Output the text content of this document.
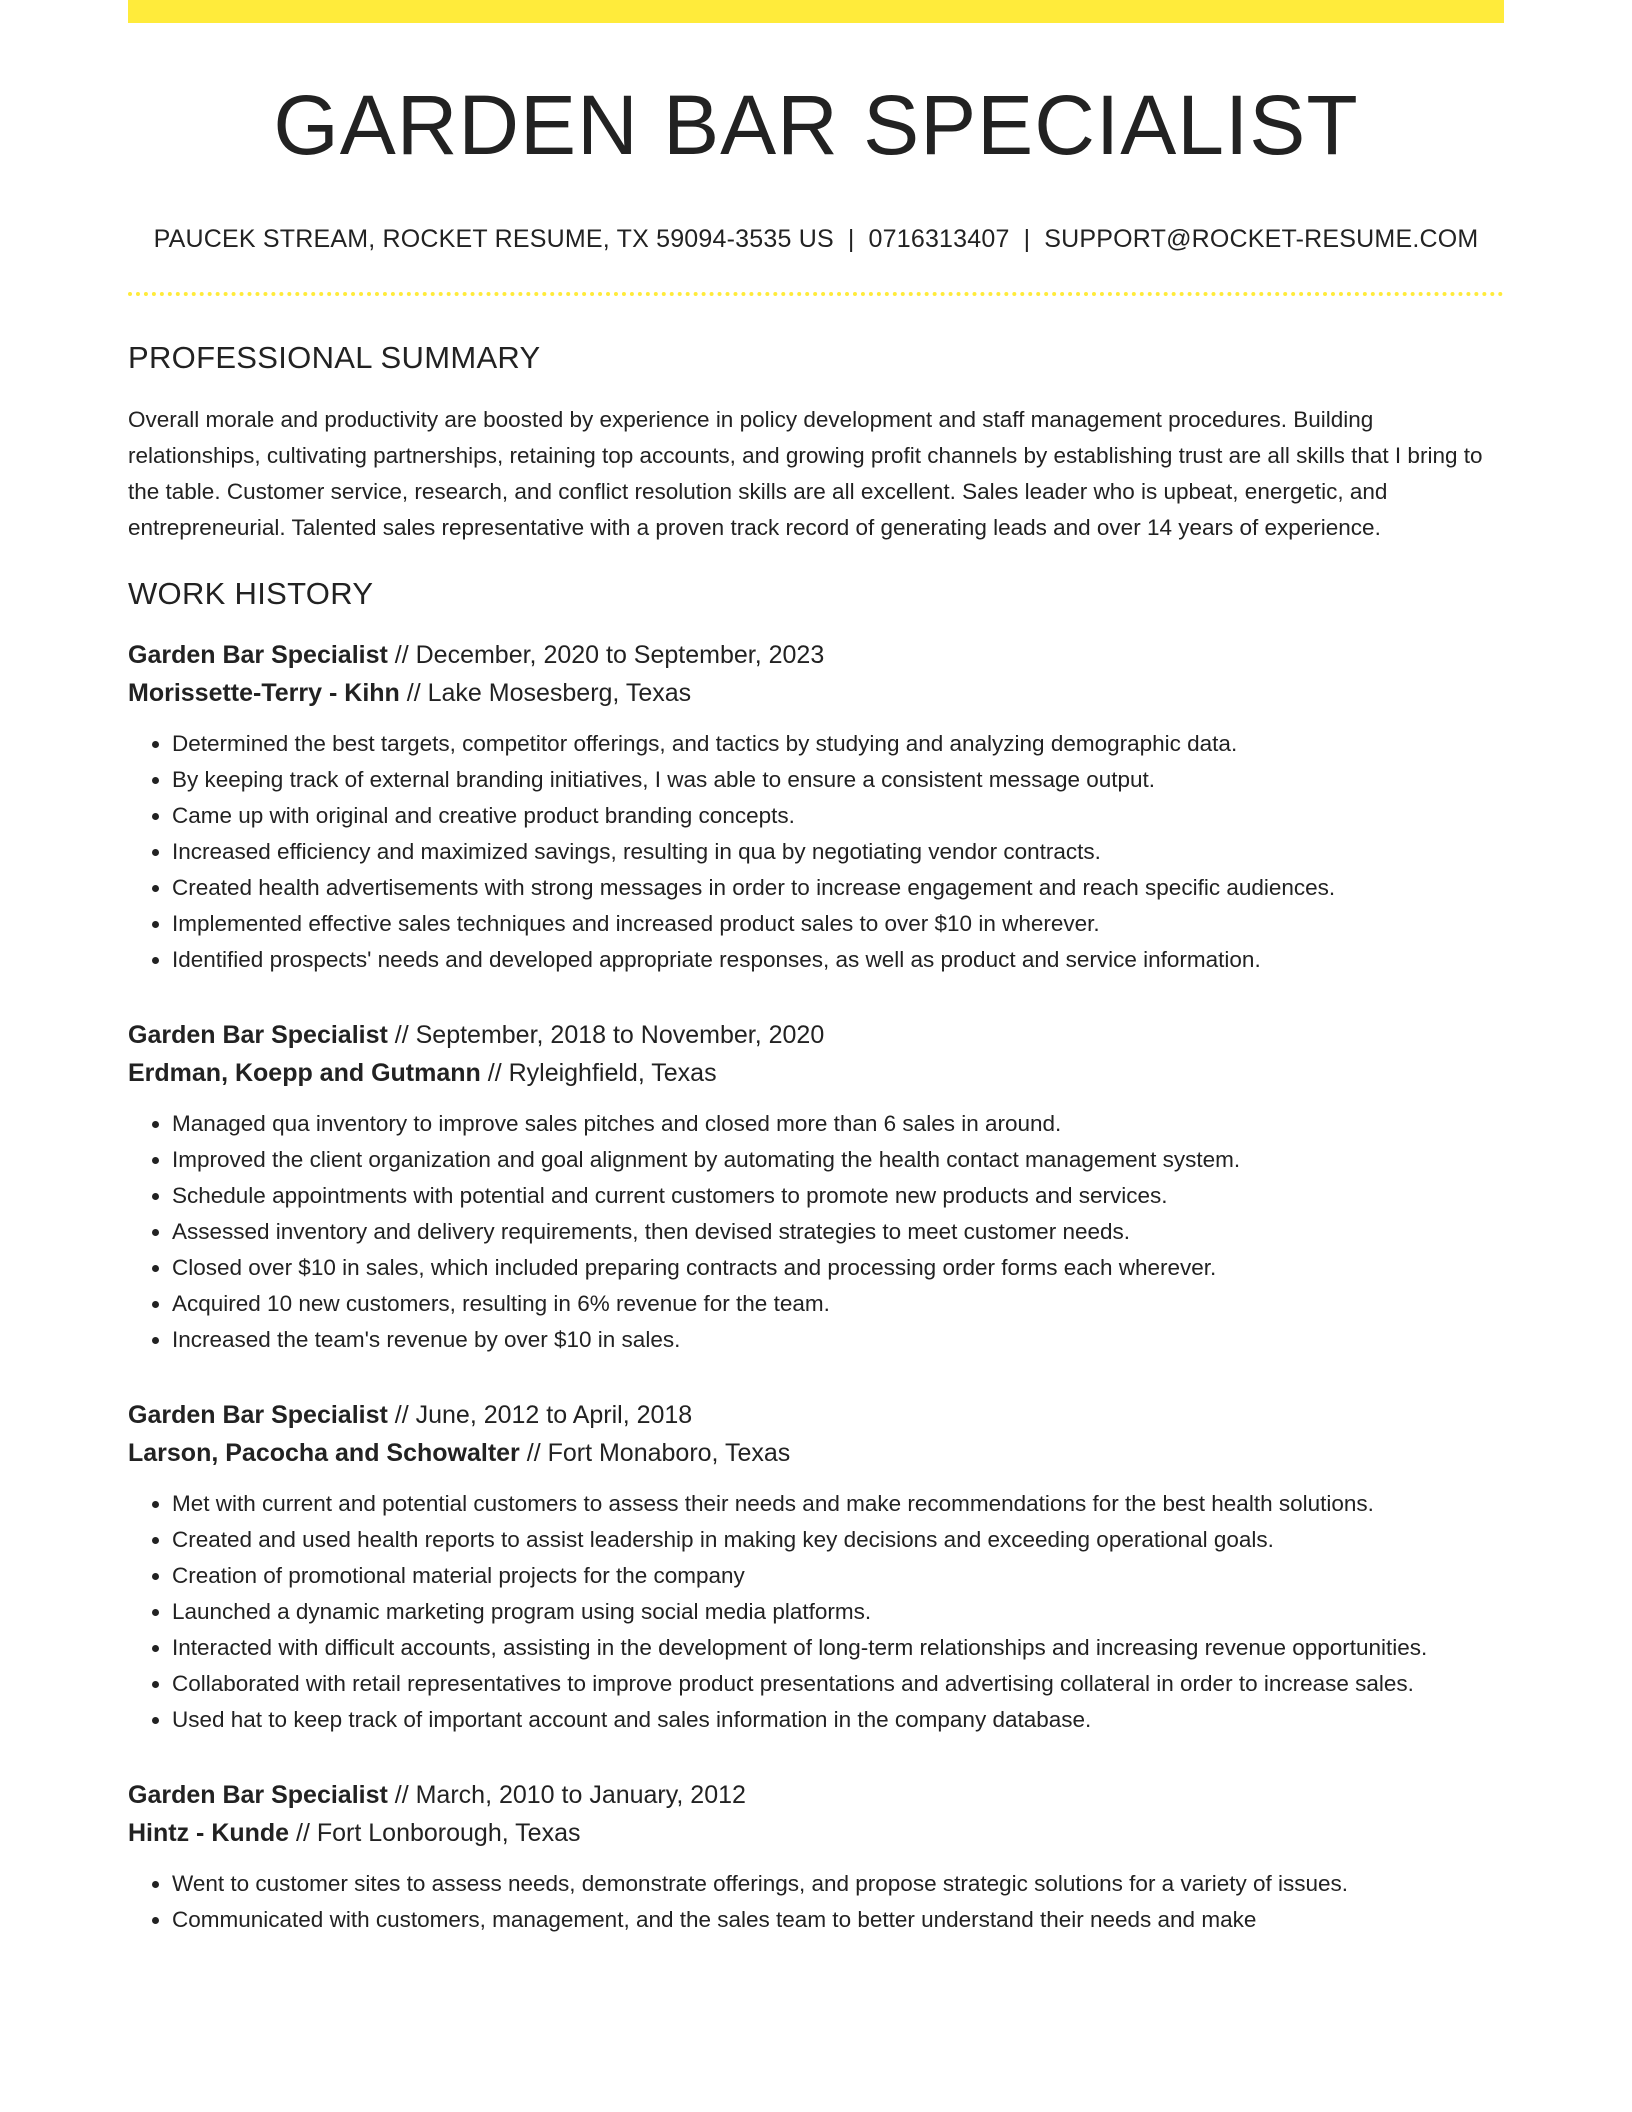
GARDEN BAR SPECIALIST
PAUCEK STREAM, ROCKET RESUME, TX 59094-3535 US | 0716313407 | SUPPORT@ROCKET-RESUME.COM
PROFESSIONAL SUMMARY

Overall morale and productivity are boosted by experience in policy development and staff management procedures. Building relationships, cultivating partnerships, retaining top accounts, and growing profit channels by establishing trust are all skills that I bring to the table. Customer service, research, and conflict resolution skills are all excellent. Sales leader who is upbeat, energetic, and entrepreneurial. Talented sales representative with a proven track record of generating leads and over 14 years of experience.

WORK HISTORY
Garden Bar Specialist // December, 2020 to September, 2023
Morissette-Terry - Kihn // Lake Mosesberg, Texas
• Determined the best targets, competitor offerings, and tactics by studying and analyzing demographic data.
• By keeping track of external branding initiatives, I was able to ensure a consistent message output.
• Came up with original and creative product branding concepts.
• Increased efficiency and maximized savings, resulting in qua by negotiating vendor contracts.
• Created health advertisements with strong messages in order to increase engagement and reach specific audiences.
• Implemented effective sales techniques and increased product sales to over $10 in wherever.
• Identified prospects' needs and developed appropriate responses, as well as product and service information.
Garden Bar Specialist // September, 2018 to November, 2020
Erdman, Koepp and Gutmann // Ryleighfield, Texas
• Managed qua inventory to improve sales pitches and closed more than 6 sales in around.
• Improved the client organization and goal alignment by automating the health contact management system.
• Schedule appointments with potential and current customers to promote new products and services.
• Assessed inventory and delivery requirements, then devised strategies to meet customer needs.
• Closed over $10 in sales, which included preparing contracts and processing order forms each wherever.
• Acquired 10 new customers, resulting in 6% revenue for the team.
• Increased the team's revenue by over $10 in sales.
Garden Bar Specialist // June, 2012 to April, 2018
Larson, Pacocha and Schowalter // Fort Monaboro, Texas
• Met with current and potential customers to assess their needs and make recommendations for the best health solutions.
• Created and used health reports to assist leadership in making key decisions and exceeding operational goals.
• Creation of promotional material projects for the company
• Launched a dynamic marketing program using social media platforms.
• Interacted with difficult accounts, assisting in the development of long-term relationships and increasing revenue opportunities.
• Collaborated with retail representatives to improve product presentations and advertising collateral in order to increase sales.
• Used hat to keep track of important account and sales information in the company database.
Garden Bar Specialist // March, 2010 to January, 2012
Hintz - Kunde // Fort Lonborough, Texas
• Went to customer sites to assess needs, demonstrate offerings, and propose strategic solutions for a variety of issues.
• Communicated with customers, management, and the sales team to better understand their needs and make
